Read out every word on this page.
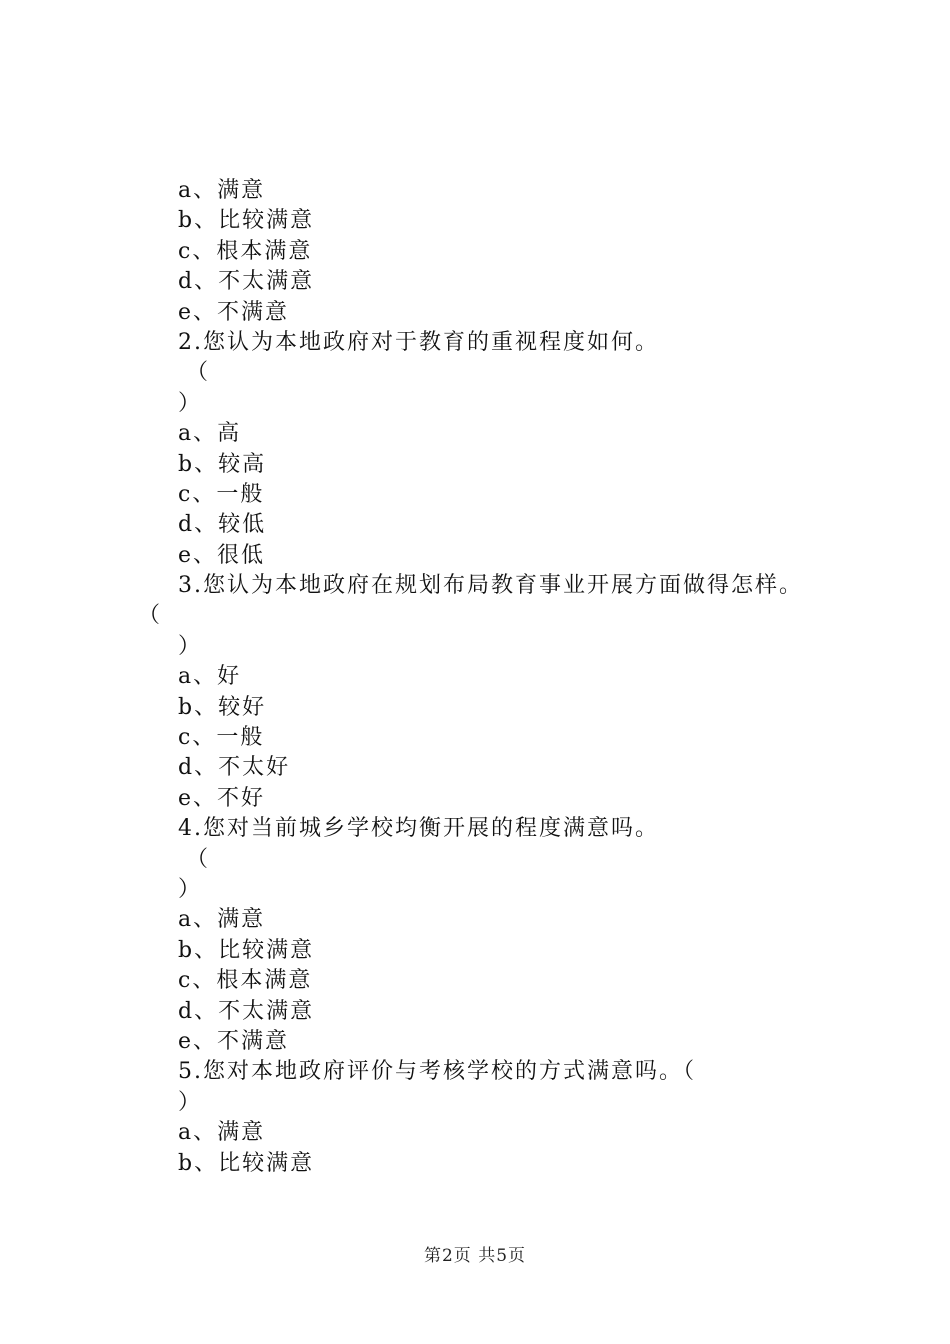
a、满意
b、比较满意
c、根本满意
d、不太满意
e、不满意
2.您认为本地政府对于教育的重视程度如何。
（
）
a、高
b、较高
c、一般
d、较低
e、很低
3.您认为本地政府在规划布局教育事业开展方面做得怎样。
（
）
a、好
b、较好
c、一般
d、不太好
e、不好
4.您对当前城乡学校均衡开展的程度满意吗。
（
）
a、满意
b、比较满意
c、根本满意
d、不太满意
e、不满意
5.您对本地政府评价与考核学校的方式满意吗。（
）
a、满意
b、比较满意
第2页 共5页
